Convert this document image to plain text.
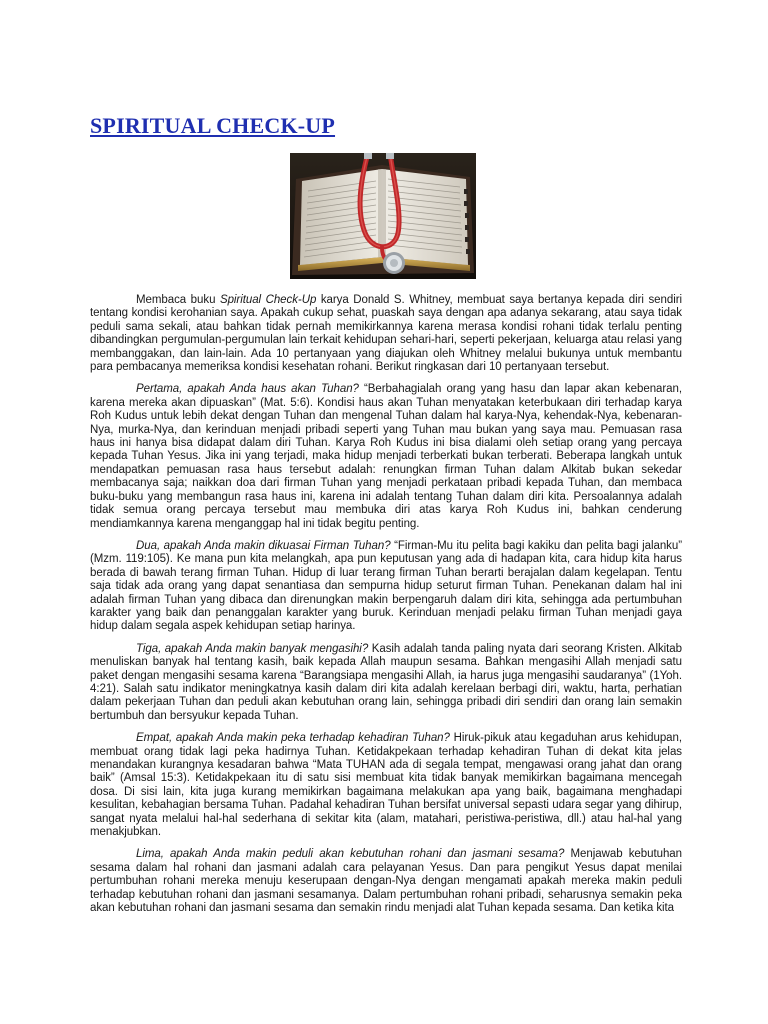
SPIRITUAL CHECK-UP

Membaca buku Spiritual Check-Up karya Donald S. Whitney, membuat saya bertanya kepada diri sendiri tentang kondisi kerohanian saya. Apakah cukup sehat, puaskah saya dengan apa adanya sekarang, atau saya tidak peduli sama sekali, atau bahkan tidak pernah memikirkannya karena merasa kondisi rohani tidak terlalu penting dibandingkan pergumulan-pergumulan lain terkait kehidupan sehari-hari, seperti pekerjaan, keluarga atau relasi yang membanggakan, dan lain-lain. Ada 10 pertanyaan yang diajukan oleh Whitney melalui bukunya untuk membantu para pembacanya memeriksa kondisi kesehatan rohani. Berikut ringkasan dari 10 pertanyaan tersebut.

Pertama, apakah Anda haus akan Tuhan? “Berbahagialah orang yang hasu dan lapar akan kebenaran, karena mereka akan dipuaskan” (Mat. 5:6). Kondisi haus akan Tuhan menyatakan keterbukaan diri terhadap karya Roh Kudus untuk lebih dekat dengan Tuhan dan mengenal Tuhan dalam hal karya-Nya, kehendak-Nya, kebenaran-Nya, murka-Nya, dan kerinduan menjadi pribadi seperti yang Tuhan mau bukan yang saya mau. Pemuasan rasa haus ini hanya bisa didapat dalam diri Tuhan. Karya Roh Kudus ini bisa dialami oleh setiap orang yang percaya kepada Tuhan Yesus. Jika ini yang terjadi, maka hidup menjadi terberkati bukan terberati. Beberapa langkah untuk mendapatkan pemuasan rasa haus tersebut adalah: renungkan firman Tuhan dalam Alkitab bukan sekedar membacanya saja; naikkan doa dari firman Tuhan yang menjadi perkataan pribadi kepada Tuhan, dan membaca buku-buku yang membangun rasa haus ini, karena ini adalah tentang Tuhan dalam diri kita. Persoalannya adalah tidak semua orang percaya tersebut mau membuka diri atas karya Roh Kudus ini, bahkan cenderung mendiamkannya karena menganggap hal ini tidak begitu penting.

Dua, apakah Anda makin dikuasai Firman Tuhan? “Firman-Mu itu pelita bagi kakiku dan pelita bagi jalanku” (Mzm. 119:105). Ke mana pun kita melangkah, apa pun keputusan yang ada di hadapan kita, cara hidup kita harus berada di bawah terang firman Tuhan. Hidup di luar terang firman Tuhan berarti berajalan dalam kegelapan. Tentu saja tidak ada orang yang dapat senantiasa dan sempurna hidup seturut firman Tuhan. Penekanan dalam hal ini adalah firman Tuhan yang dibaca dan direnungkan makin berpengaruh dalam diri kita, sehingga ada pertumbuhan karakter yang baik dan penanggalan karakter yang buruk. Kerinduan menjadi pelaku firman Tuhan menjadi gaya hidup dalam segala aspek kehidupan setiap harinya.

Tiga, apakah Anda makin banyak mengasihi? Kasih adalah tanda paling nyata dari seorang Kristen. Alkitab menuliskan banyak hal tentang kasih, baik kepada Allah maupun sesama. Bahkan mengasihi Allah menjadi satu paket dengan mengasihi sesama karena “Barangsiapa mengasihi Allah, ia harus juga mengasihi saudaranya” (1Yoh. 4:21). Salah satu indikator meningkatnya kasih dalam diri kita adalah kerelaan berbagi diri, waktu, harta, perhatian dalam pekerjaan Tuhan dan peduli akan kebutuhan orang lain, sehingga pribadi diri sendiri dan orang lain semakin bertumbuh dan bersyukur kepada Tuhan.

Empat, apakah Anda makin peka terhadap kehadiran Tuhan? Hiruk-pikuk atau kegaduhan arus kehidupan, membuat orang tidak lagi peka hadirnya Tuhan. Ketidakpekaan terhadap kehadiran Tuhan di dekat kita jelas menandakan kurangnya kesadaran bahwa “Mata TUHAN ada di segala tempat, mengawasi orang jahat dan orang baik” (Amsal 15:3). Ketidakpekaan itu di satu sisi membuat kita tidak banyak memikirkan bagaimana mencegah dosa. Di sisi lain, kita juga kurang memikirkan bagaimana melakukan apa yang baik, bagaimana menghadapi kesulitan, kebahagian bersama Tuhan. Padahal kehadiran Tuhan bersifat universal sepasti udara segar yang dihirup, sangat nyata melalui hal-hal sederhana di sekitar kita (alam, matahari, peristiwa-peristiwa, dll.) atau hal-hal yang menakjubkan.

Lima, apakah Anda makin peduli akan kebutuhan rohani dan jasmani sesama? Menjawab kebutuhan sesama dalam hal rohani dan jasmani adalah cara pelayanan Yesus. Dan para pengikut Yesus dapat menilai pertumbuhan rohani mereka menuju keserupaan dengan-Nya dengan mengamati apakah mereka makin peduli terhadap kebutuhan rohani dan jasmani sesamanya. Dalam pertumbuhan rohani pribadi, seharusnya semakin peka akan kebutuhan rohani dan jasmani sesama dan semakin rindu menjadi alat Tuhan kepada sesama. Dan ketika kita
